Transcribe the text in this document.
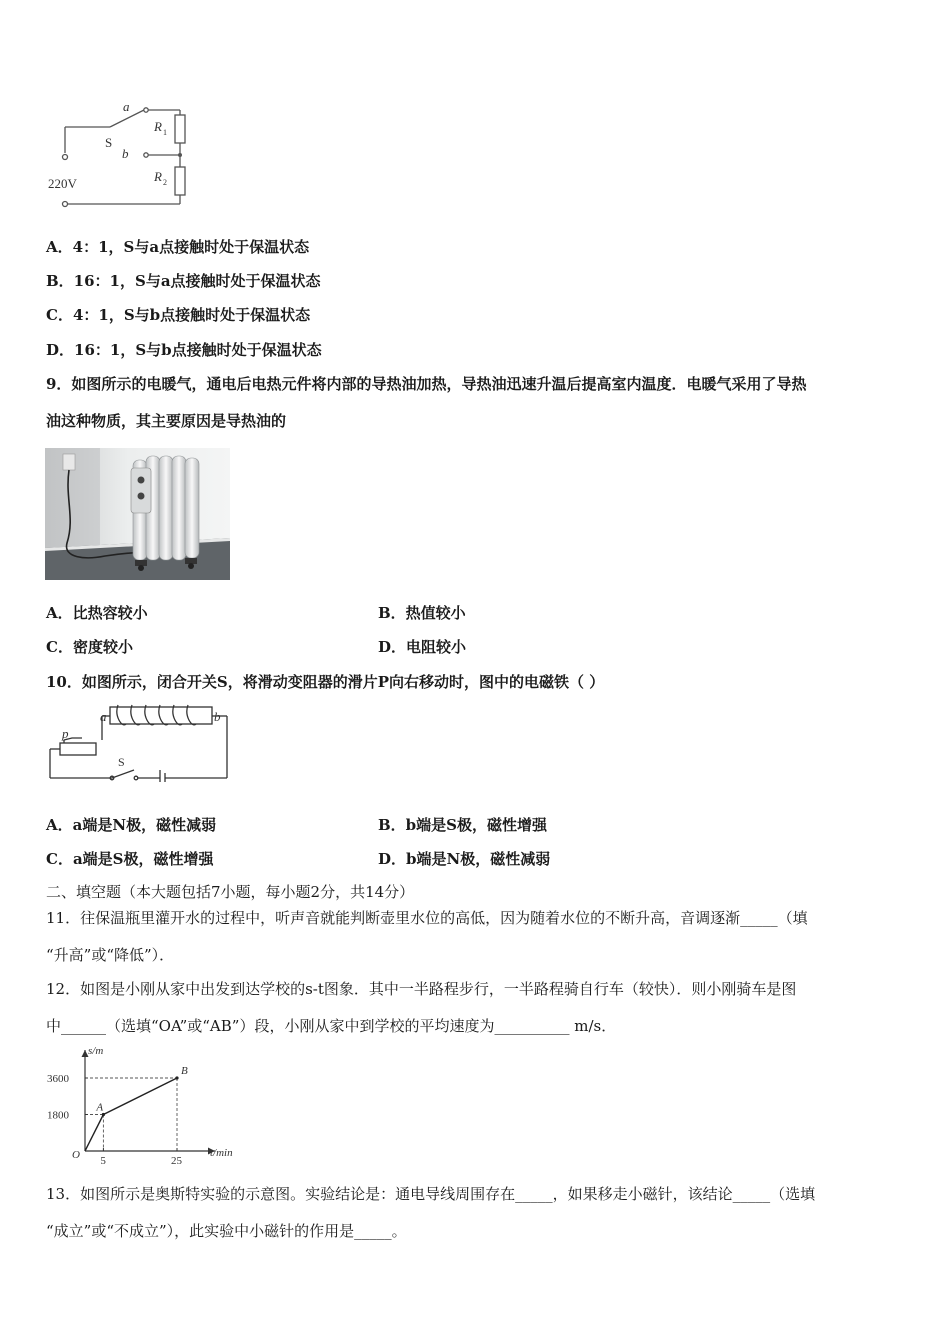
a
b
S
R 1
R 2
220V
A．4：1，S与a点接触时处于保温状态
B．16：1，S与a点接触时处于保温状态
C．4：1，S与b点接触时处于保温状态
D．16：1，S与b点接触时处于保温状态
9．如图所示的电暖气，通电后电热元件将内部的导热油加热，导热油迅速升温后提高室内温度．电暖气采用了导热
油这种物质，其主要原因是导热油的
A．比热容较小	B．热值较小
C．密度较小	D．电阻较小
10．如图所示，闭合开关S，将滑动变阻器的滑片P向右移动时，图中的电磁铁（ ）
a	b
p
S
A．a端是N极，磁性减弱	B．b端是S极，磁性增强
C．a端是S极，磁性增强	D．b端是N极，磁性减弱
二、填空题（本大题包括7小题，每小题2分，共14分）
11．往保温瓶里灌开水的过程中，听声音就能判断壶里水位的高低，因为随着水位的不断升高，音调逐渐_____（填
“升高”或“降低”）．
12．如图是小刚从家中出发到达学校的s-t图象．其中一半路程步行，一半路程骑自行车（较快）．则小刚骑车是图
中______（选填“OA”或“AB”）段，小刚从家中到学校的平均速度为__________ m/s．
A
B
5	25
1800
3600
s/m
t/min
O
13．如图所示是奥斯特实验的示意图。实验结论是：通电导线周围存在_____，如果移走小磁针，该结论_____（选填
“成立”或“不成立”），此实验中小磁针的作用是_____。
